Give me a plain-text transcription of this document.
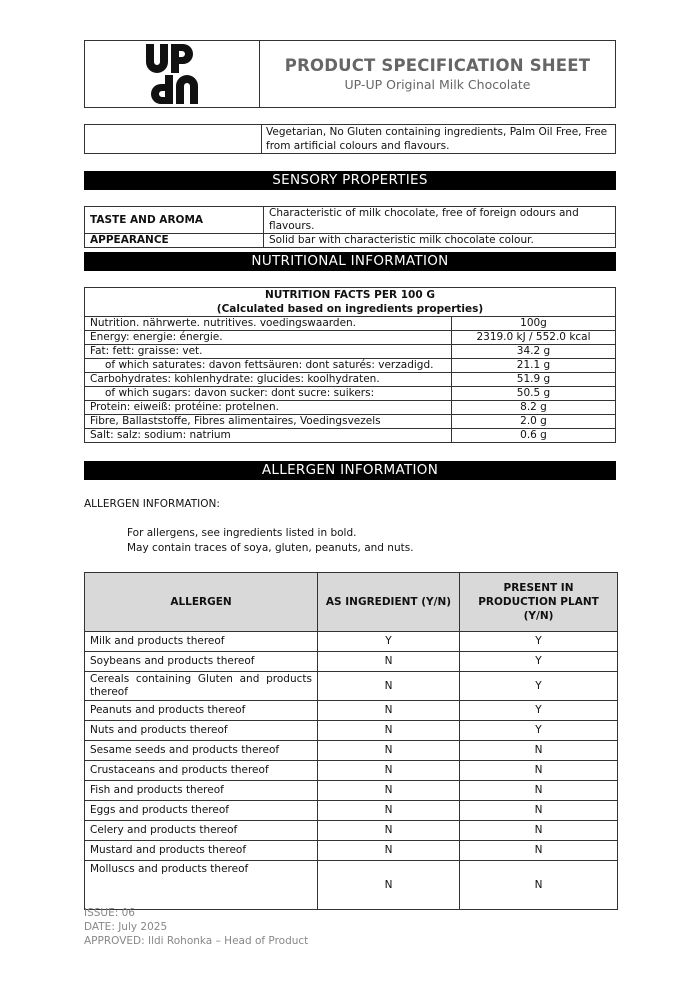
PRODUCT SPECIFICATION SHEET
UP-UP Original Milk Chocolate
	Vegetarian, No Gluten containing ingredients, Palm Oil Free, Free from artificial colours and flavours.
SENSORY PROPERTIES
TASTE AND AROMA	Characteristic of milk chocolate, free of foreign odours and flavours.
APPEARANCE	Solid bar with characteristic milk chocolate colour.
NUTRITIONAL INFORMATION
NUTRITION FACTS PER 100 G
(Calculated based on ingredients properties)	

Nutrition. nährwerte. nutritives. voedingswaarden.	100g
Energy: energie: énergie.	2319.0 kJ / 552.0 kcal
Fat: fett: graisse: vet.	34.2 g
of which saturates: davon fettsäuren: dont saturés: verzadigd.	21.1 g
Carbohydrates: kohlenhydrate: glucides: koolhydraten.	51.9 g
of which sugars: davon sucker: dont sucre: suikers:	50.5 g
Protein: eiweiß: protéine: protelnen.	8.2 g
Fibre, Ballaststoffe, Fibres alimentaires, Voedingsvezels	2.0 g
Salt: salz: sodium: natrium	0.6 g
ALLERGEN INFORMATION
ALLERGEN INFORMATION:
For allergens, see ingredients listed in bold.
May contain traces of soya, gluten, peanuts, and nuts.
ALLERGEN	AS INGREDIENT (Y/N)	PRESENT IN PRODUCTION PLANT (Y/N)
Milk and products thereof	Y	Y
Soybeans and products thereof	N	Y
Cereals containing Gluten and products thereof	N	Y
Peanuts and products thereof	N	Y
Nuts and products thereof	N	Y
Sesame seeds and products thereof	N	N
Crustaceans and products thereof	N	N
Fish and products thereof	N	N
Eggs and products thereof	N	N
Celery and products thereof	N	N
Mustard and products thereof	N	N
Molluscs and products thereof	N	N
ISSUE: 06
DATE: July 2025
APPROVED: Ildi Rohonka – Head of Product
